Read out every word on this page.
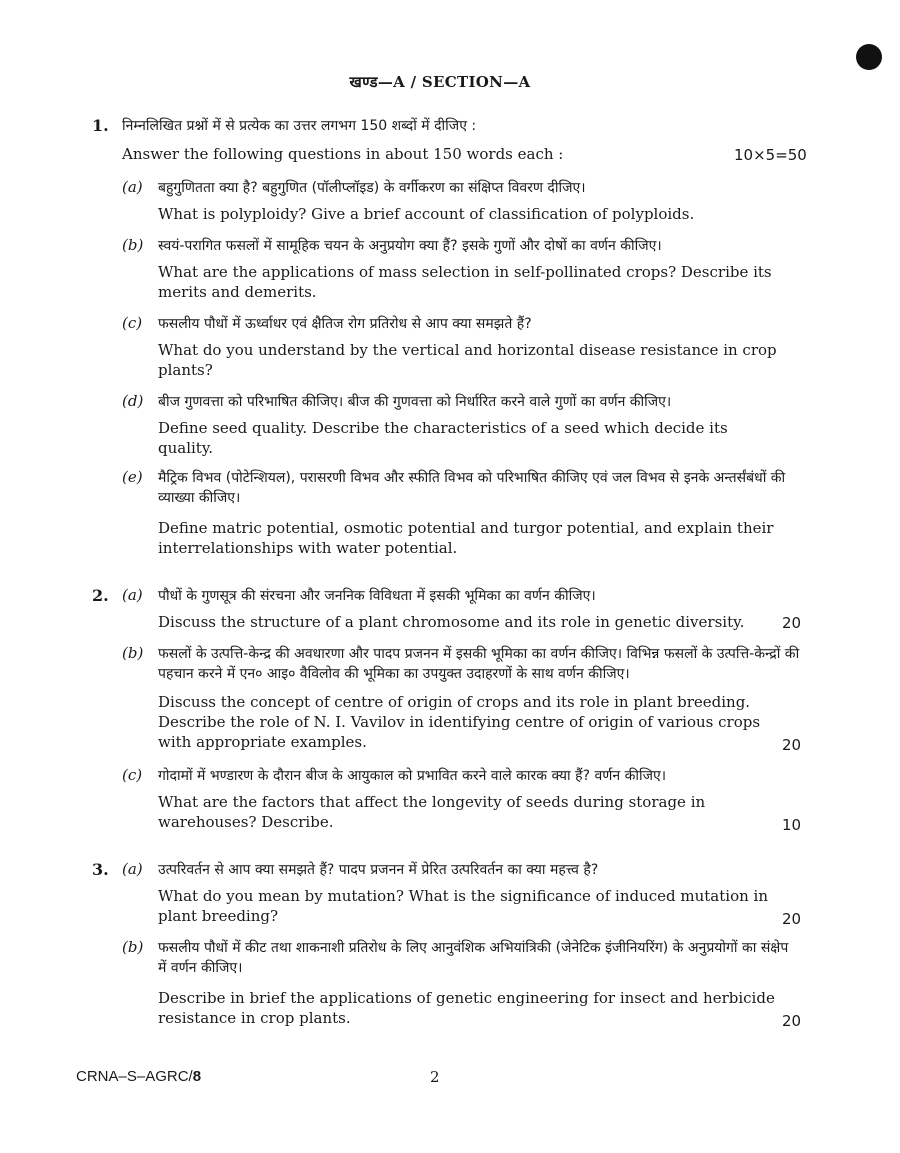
खण्ड—A / SECTION—A
1. निम्नलिखित प्रश्नों में से प्रत्येक का उत्तर लगभग 150 शब्दों में दीजिए :
Answer the following questions in about 150 words each :	10×5=50
(a) बहुगुणितता क्या है? बहुगुणित (पॉलीप्लॉइड) के वर्गीकरण का संक्षिप्त विवरण दीजिए।
What is polyploidy? Give a brief account of classification of polyploids.
(b) स्वयं-परागित फसलों में सामूहिक चयन के अनुप्रयोग क्या हैं? इसके गुणों और दोषों का वर्णन कीजिए।
What are the applications of mass selection in self-pollinated crops? Describe its merits and demerits.
(c) फसलीय पौधों में ऊर्ध्वाधर एवं क्षैतिज रोग प्रतिरोध से आप क्या समझते हैं?
What do you understand by the vertical and horizontal disease resistance in crop plants?
(d) बीज गुणवत्ता को परिभाषित कीजिए। बीज की गुणवत्ता को निर्धारित करने वाले गुणों का वर्णन कीजिए।
Define seed quality. Describe the characteristics of a seed which decide its quality.
(e) मैट्रिक विभव (पोटेन्शियल), परासरणी विभव और स्फीति विभव को परिभाषित कीजिए एवं जल विभव से इनके अन्तर्संबंधों की व्याख्या कीजिए।
Define matric potential, osmotic potential and turgor potential, and explain their interrelationships with water potential.
2. (a) पौधों के गुणसूत्र की संरचना और जननिक विविधता में इसकी भूमिका का वर्णन कीजिए।
Discuss the structure of a plant chromosome and its role in genetic diversity.	20
(b) फसलों के उत्पत्ति-केन्द्र की अवधारणा और पादप प्रजनन में इसकी भूमिका का वर्णन कीजिए। विभिन्न फसलों के उत्पत्ति-केन्द्रों की पहचान करने में एन० आइ० वैविलोव की भूमिका का उपयुक्त उदाहरणों के साथ वर्णन कीजिए।
Discuss the concept of centre of origin of crops and its role in plant breeding. Describe the role of N. I. Vavilov in identifying centre of origin of various crops with appropriate examples.	20
(c) गोदामों में भण्डारण के दौरान बीज के आयुकाल को प्रभावित करने वाले कारक क्या हैं? वर्णन कीजिए।
What are the factors that affect the longevity of seeds during storage in warehouses? Describe.	10
3. (a) उत्परिवर्तन से आप क्या समझते हैं? पादप प्रजनन में प्रेरित उत्परिवर्तन का क्या महत्त्व है?
What do you mean by mutation? What is the significance of induced mutation in plant breeding?	20
(b) फसलीय पौधों में कीट तथा शाकनाशी प्रतिरोध के लिए आनुवंशिक अभियांत्रिकी (जेनेटिक इंजीनियरिंग) के अनुप्रयोगों का संक्षेप में वर्णन कीजिए।
Describe in brief the applications of genetic engineering for insect and herbicide resistance in crop plants.	20
CRNA–S–AGRC/8	2
